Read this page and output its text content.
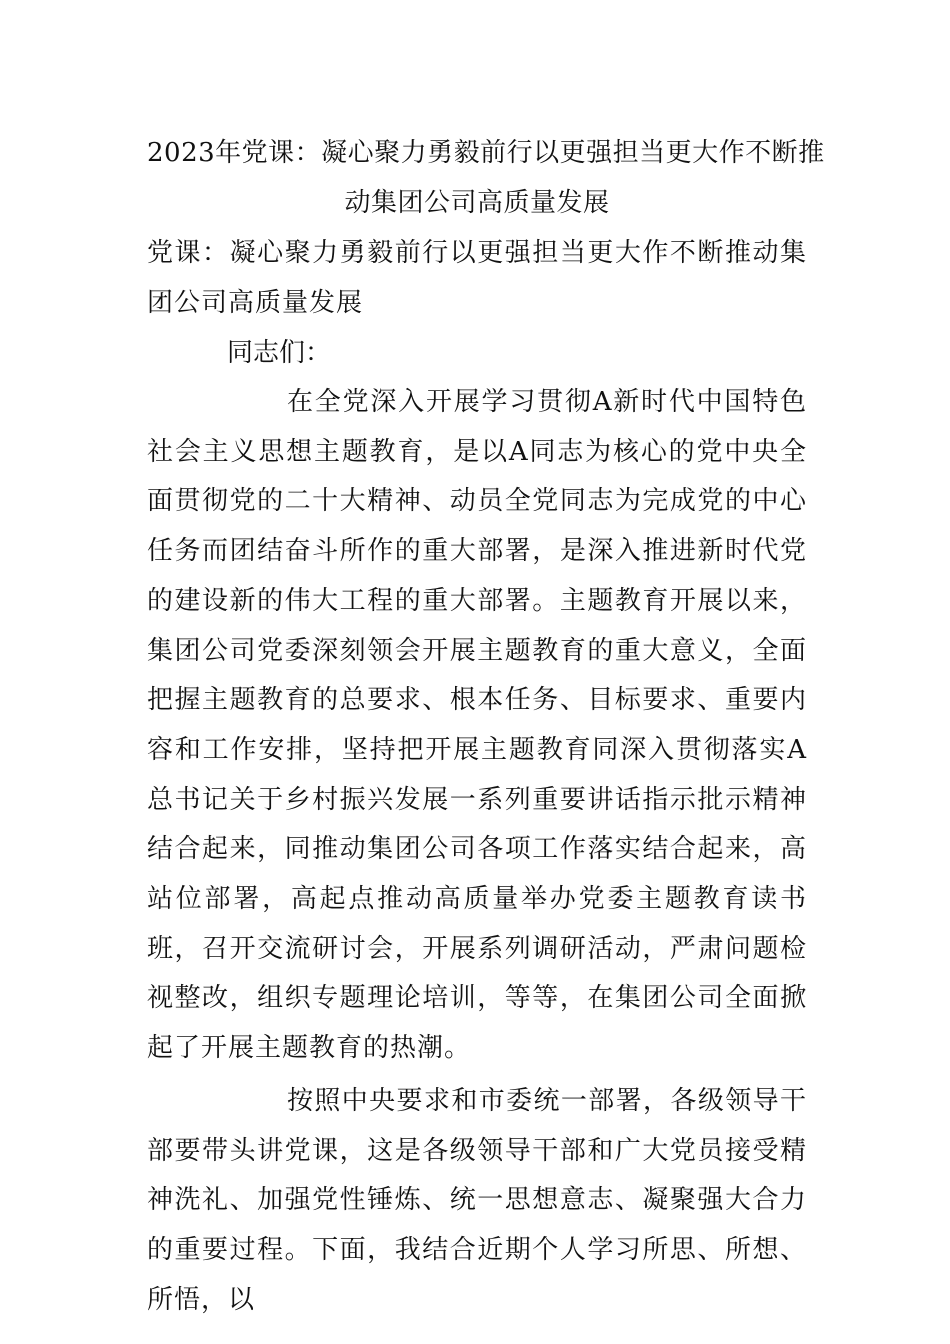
2023年党课：凝心聚力勇毅前行以更强担当更大作不断推
动集团公司高质量发展

党课：凝心聚力勇毅前行以更强担当更大作不断推动集团公司高质量发展

同志们：

在全党深入开展学习贯彻A新时代中国特色社会主义思想主题教育，是以A同志为核心的党中央全面贯彻党的二十大精神、动员全党同志为完成党的中心任务而团结奋斗所作的重大部署，是深入推进新时代党的建设新的伟大工程的重大部署。主题教育开展以来，集团公司党委深刻领会开展主题教育的重大意义，全面把握主题教育的总要求、根本任务、目标要求、重要内容和工作安排，坚持把开展主题教育同深入贯彻落实A总书记关于乡村振兴发展一系列重要讲话指示批示精神结合起来，同推动集团公司各项工作落实结合起来，高站位部署，高起点推动高质量举办党委主题教育读书班，召开交流研讨会，开展系列调研活动，严肃问题检视整改，组织专题理论培训，等等，在集团公司全面掀起了开展主题教育的热潮。

按照中央要求和市委统一部署，各级领导干部要带头讲党课，这是各级领导干部和广大党员接受精神洗礼、加强党性锤炼、统一思想意志、凝聚强大合力的重要过程。下面，我结合近期个人学习所思、所想、所悟，以
